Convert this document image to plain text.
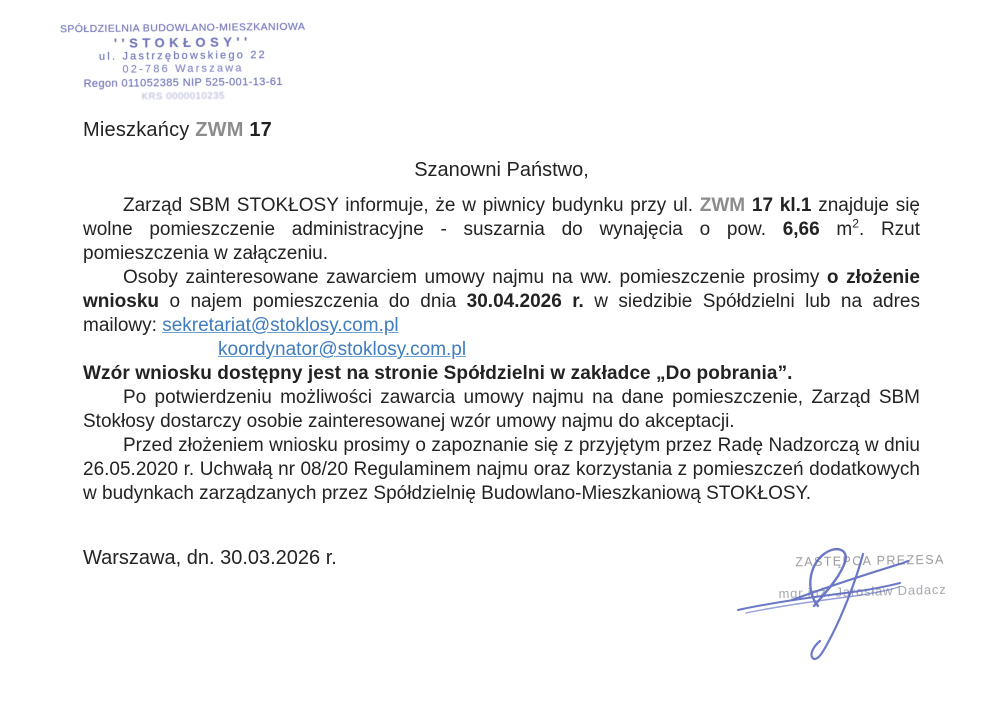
SPÓŁDZIELNIA BUDOWLANO-MIESZKANIOWA
''STOKŁOSY''
ul. Jastrzębowskiego 22
02-786 Warszawa
Regon 011052385 NIP 525-001-13-61
KRS 0000010235
Mieszkańcy ZWM 17
Szanowni Państwo,

Zarząd SBM STOKŁOSY informuje, że w piwnicy budynku przy ul. ZWM 17 kl.1 znajduje się wolne pomieszczenie administracyjne - suszarnia do wynajęcia o pow. 6,66 $m^2$. Rzut pomieszczenia w załączeniu.

Osoby zainteresowane zawarciem umowy najmu na ww. pomieszczenie prosimy o złożenie wniosku o najem pomieszczenia do dnia 30.04.2026 r. w siedzibie Spółdzielni lub na adres mailowy: sekretariat@stoklosy.com.pl

koordynator@stoklosy.com.pl
Wzór wniosku dostępny jest na stronie Spółdzielni w zakładce „Do pobrania”.

Po potwierdzeniu możliwości zawarcia umowy najmu na dane pomieszczenie, Zarząd SBM Stokłosy dostarczy osobie zainteresowanej wzór umowy najmu do akceptacji.

Przed złożeniem wniosku prosimy o zapoznanie się z przyjętym przez Radę Nadzorczą w dniu 26.05.2020 r. Uchwałą nr 08/20 Regulaminem najmu oraz korzystania z pomieszczeń dodatkowych w budynkach zarządzanych przez Spółdzielnię Budowlano-Mieszkaniową STOKŁOSY.

Warszawa, dn. 30.03.2026 r.	ZASTĘPCA PREZESA
mgr inż. Jarosław Dadacz
